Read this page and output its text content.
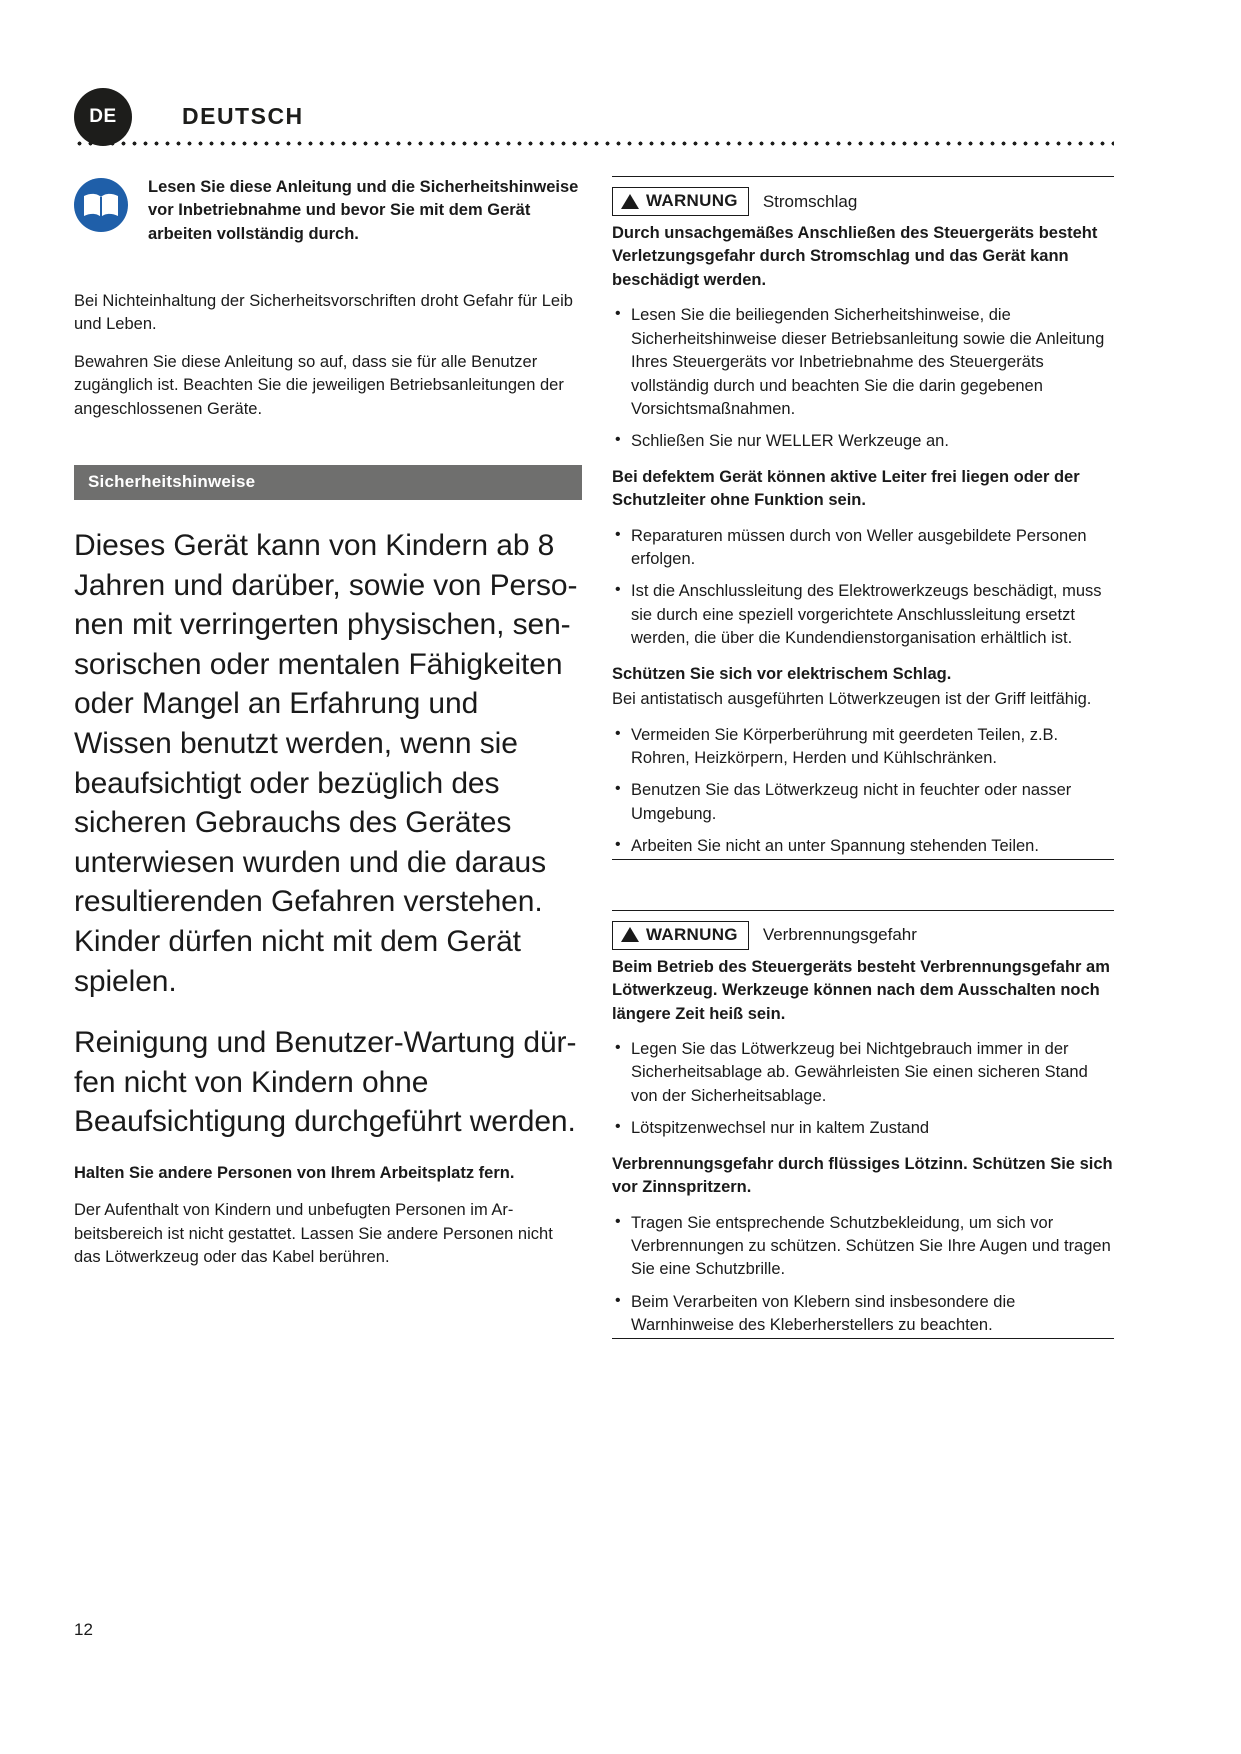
DE	DEUTSCH
Lesen Sie diese Anleitung und die Sicherheitshinweise vor Inbetriebnahme und bevor Sie mit dem Gerät arbeiten vollständig durch.

Bei Nichteinhaltung der Sicherheitsvorschriften droht Gefahr für Leib und Leben.

Bewahren Sie diese Anleitung so auf, dass sie für alle Benutzer zugänglich ist. Beachten Sie die jeweiligen Betriebsanleitungen der angeschlossenen Geräte.

Sicherheitshinweise

Dieses Gerät kann von Kindern ab 8 Jahren und darüber, sowie von Personen mit verringerten physischen, sensorischen oder mentalen Fähigkeiten oder Mangel an Erfahrung und Wissen benutzt werden, wenn sie beaufsichtigt oder bezüglich des sicheren Gebrauchs des Gerätes unterwiesen wurden und die daraus resultierenden Gefahren verstehen. Kinder dürfen nicht mit dem Gerät spielen.

Reinigung und Benutzer-Wartung dürfen nicht von Kindern ohne Beaufsichtigung durchgeführt werden.

Halten Sie andere Personen von Ihrem Arbeitsplatz fern.

Der Aufenthalt von Kindern und unbefugten Personen im Arbeitsbereich ist nicht gestattet. Lassen Sie andere Personen nicht das Lötwerkzeug oder das Kabel berühren.

WARNUNG Stromschlag

Durch unsachgemäßes Anschließen des Steuergeräts besteht Verletzungsgefahr durch Stromschlag und das Gerät kann beschädigt werden.

• Lesen Sie die beiliegenden Sicherheitshinweise, die Sicherheitshinweise dieser Betriebsanleitung sowie die Anleitung Ihres Steuergeräts vor Inbetriebnahme des Steuergeräts vollständig durch und beachten Sie die darin gegebenen Vorsichtsmaßnahmen.
• Schließen Sie nur WELLER Werkzeuge an.

Bei defektem Gerät können aktive Leiter frei liegen oder der Schutzleiter ohne Funktion sein.

• Reparaturen müssen durch von Weller ausgebildete Personen erfolgen.
• Ist die Anschlussleitung des Elektrowerkzeugs beschädigt, muss sie durch eine speziell vorgerichtete Anschlussleitung ersetzt werden, die über die Kundendienstorganisation erhältlich ist.

Schützen Sie sich vor elektrischem Schlag.

Bei antistatisch ausgeführten Lötwerkzeugen ist der Griff leitfähig.

• Vermeiden Sie Körperberührung mit geerdeten Teilen, z.B. Rohren, Heizkörpern, Herden und Kühlschränken.
• Benutzen Sie das Lötwerkzeug nicht in feuchter oder nasser Umgebung.
• Arbeiten Sie nicht an unter Spannung stehenden Teilen.
WARNUNG Verbrennungsgefahr

Beim Betrieb des Steuergeräts besteht Verbrennungsgefahr am Lötwerkzeug. Werkzeuge können nach dem Ausschalten noch längere Zeit heiß sein.

• Legen Sie das Lötwerkzeug bei Nichtgebrauch immer in der Sicherheitsablage ab. Gewährleisten Sie einen sicheren Stand von der Sicherheitsablage.
• Lötspitzenwechsel nur in kaltem Zustand

Verbrennungsgefahr durch flüssiges Lötzinn. Schützen Sie sich vor Zinnspritzern.

• Tragen Sie entsprechende Schutzbekleidung, um sich vor Verbrennungen zu schützen. Schützen Sie Ihre Augen und tragen Sie eine Schutzbrille.
• Beim Verarbeiten von Klebern sind insbesondere die Warnhinweise des Kleberherstellers zu beachten.
12
